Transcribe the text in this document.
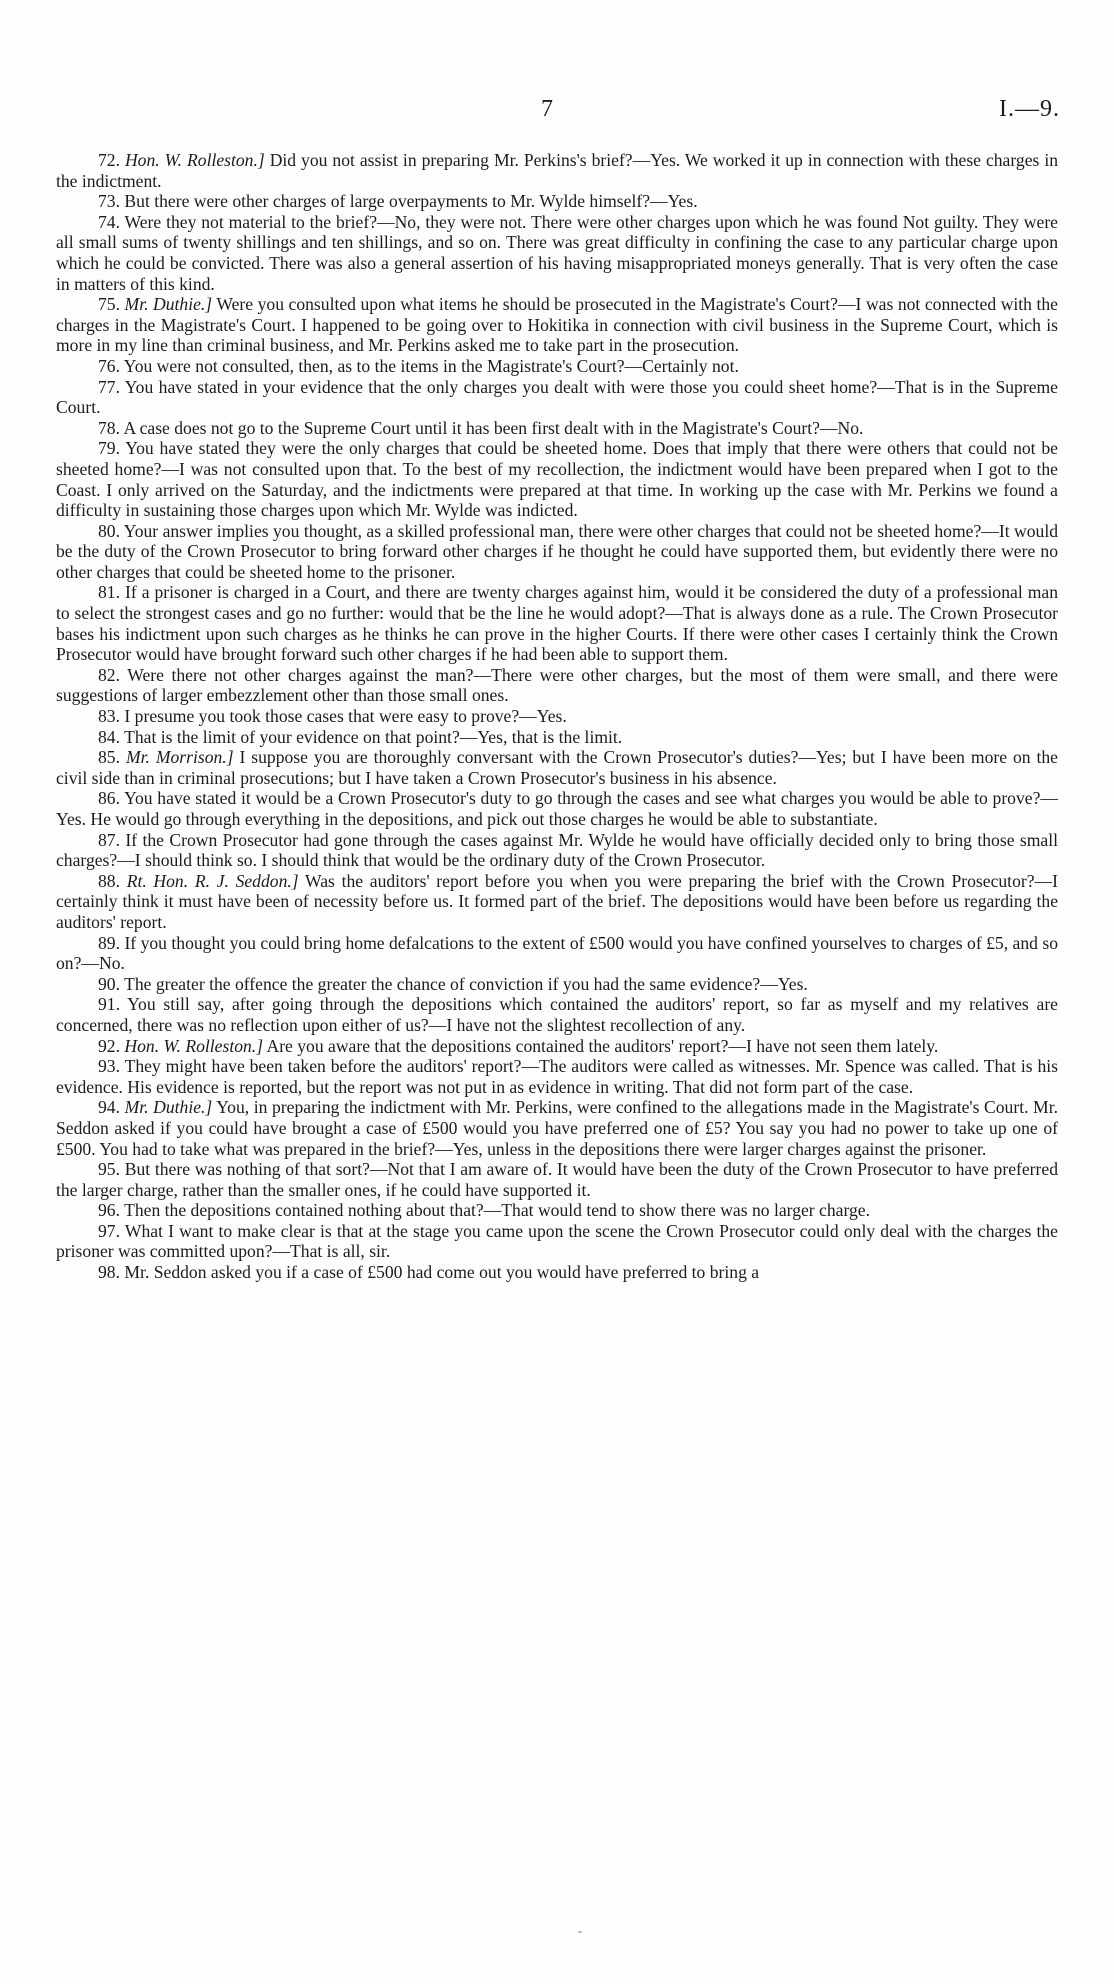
7	I.—9.

72. Hon. W. Rolleston.] Did you not assist in preparing Mr. Perkins's brief?—Yes. We worked it up in connection with these charges in the indictment.

73. But there were other charges of large overpayments to Mr. Wylde himself?—Yes.

74. Were they not material to the brief?—No, they were not. There were other charges upon which he was found Not guilty. They were all small sums of twenty shillings and ten shillings, and so on. There was great difficulty in confining the case to any particular charge upon which he could be convicted. There was also a general assertion of his having misappropriated moneys generally. That is very often the case in matters of this kind.

75. Mr. Duthie.] Were you consulted upon what items he should be prosecuted in the Magistrate's Court?—I was not connected with the charges in the Magistrate's Court. I happened to be going over to Hokitika in connection with civil business in the Supreme Court, which is more in my line than criminal business, and Mr. Perkins asked me to take part in the prosecution.

76. You were not consulted, then, as to the items in the Magistrate's Court?—Certainly not.

77. You have stated in your evidence that the only charges you dealt with were those you could sheet home?—That is in the Supreme Court.

78. A case does not go to the Supreme Court until it has been first dealt with in the Magistrate's Court?—No.

79. You have stated they were the only charges that could be sheeted home. Does that imply that there were others that could not be sheeted home?—I was not consulted upon that. To the best of my recollection, the indictment would have been prepared when I got to the Coast. I only arrived on the Saturday, and the indictments were prepared at that time. In working up the case with Mr. Perkins we found a difficulty in sustaining those charges upon which Mr. Wylde was indicted.

80. Your answer implies you thought, as a skilled professional man, there were other charges that could not be sheeted home?—It would be the duty of the Crown Prosecutor to bring forward other charges if he thought he could have supported them, but evidently there were no other charges that could be sheeted home to the prisoner.

81. If a prisoner is charged in a Court, and there are twenty charges against him, would it be considered the duty of a professional man to select the strongest cases and go no further: would that be the line he would adopt?—That is always done as a rule. The Crown Prosecutor bases his indictment upon such charges as he thinks he can prove in the higher Courts. If there were other cases I certainly think the Crown Prosecutor would have brought forward such other charges if he had been able to support them.

82. Were there not other charges against the man?—There were other charges, but the most of them were small, and there were suggestions of larger embezzlement other than those small ones.

83. I presume you took those cases that were easy to prove?—Yes.

84. That is the limit of your evidence on that point?—Yes, that is the limit.

85. Mr. Morrison.] I suppose you are thoroughly conversant with the Crown Prosecutor's duties?—Yes; but I have been more on the civil side than in criminal prosecutions; but I have taken a Crown Prosecutor's business in his absence.

86. You have stated it would be a Crown Prosecutor's duty to go through the cases and see what charges you would be able to prove?—Yes. He would go through everything in the depositions, and pick out those charges he would be able to substantiate.

87. If the Crown Prosecutor had gone through the cases against Mr. Wylde he would have officially decided only to bring those small charges?—I should think so. I should think that would be the ordinary duty of the Crown Prosecutor.

88. Rt. Hon. R. J. Seddon.] Was the auditors' report before you when you were preparing the brief with the Crown Prosecutor?—I certainly think it must have been of necessity before us. It formed part of the brief. The depositions would have been before us regarding the auditors' report.

89. If you thought you could bring home defalcations to the extent of £500 would you have confined yourselves to charges of £5, and so on?—No.

90. The greater the offence the greater the chance of conviction if you had the same evidence?—Yes.

91. You still say, after going through the depositions which contained the auditors' report, so far as myself and my relatives are concerned, there was no reflection upon either of us?—I have not the slightest recollection of any.

92. Hon. W. Rolleston.] Are you aware that the depositions contained the auditors' report?—I have not seen them lately.

93. They might have been taken before the auditors' report?—The auditors were called as witnesses. Mr. Spence was called. That is his evidence. His evidence is reported, but the report was not put in as evidence in writing. That did not form part of the case.

94. Mr. Duthie.] You, in preparing the indictment with Mr. Perkins, were confined to the allegations made in the Magistrate's Court. Mr. Seddon asked if you could have brought a case of £500 would you have preferred one of £5? You say you had no power to take up one of £500. You had to take what was prepared in the brief?—Yes, unless in the depositions there were larger charges against the prisoner.

95. But there was nothing of that sort?—Not that I am aware of. It would have been the duty of the Crown Prosecutor to have preferred the larger charge, rather than the smaller ones, if he could have supported it.

96. Then the depositions contained nothing about that?—That would tend to show there was no larger charge.

97. What I want to make clear is that at the stage you came upon the scene the Crown Prosecutor could only deal with the charges the prisoner was committed upon?—That is all, sir.

98. Mr. Seddon asked you if a case of £500 had come out you would have preferred to bring a

-
